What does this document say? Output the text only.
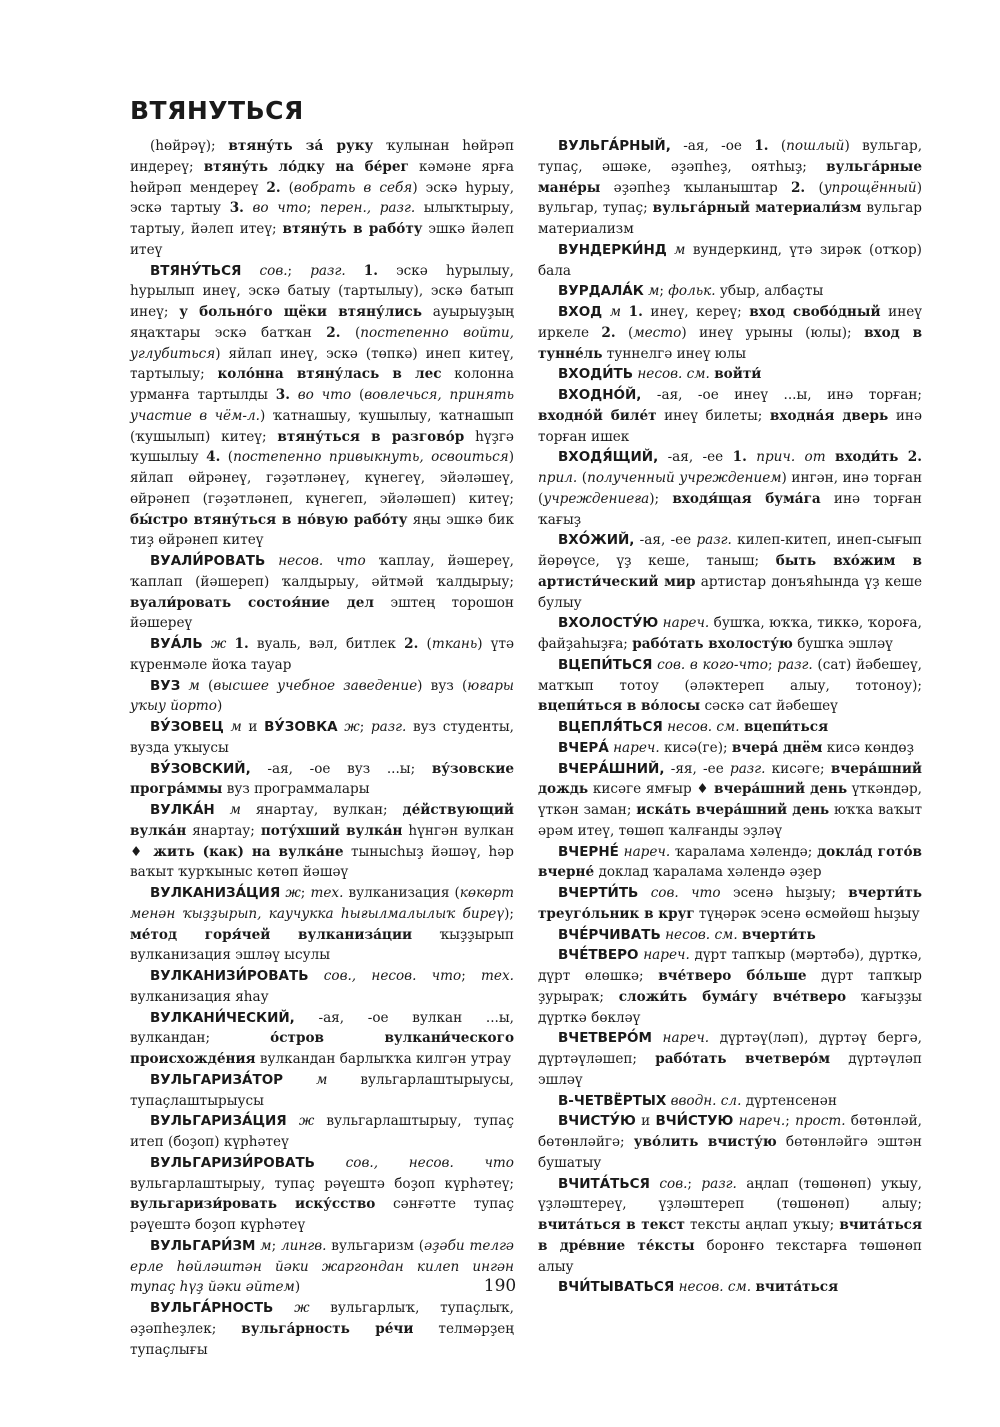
ВТЯНУТЬСЯ

(һөйрәү); втяну́ть за́ руку ҡулынан һөйрәп индереү; втяну́ть ло́дку на бе́рег кәмәне ярға һөйрәп мендереү 2. (вобрать в себя) эскә һурыу, эскә тартыу 3. во что; перен., разг. ылыҡтырыу, тартыу, йәлеп итеү; втяну́ть в рабо́ту эшкә йәлеп итеү

ВТЯНУ́ТЬСЯ сов.; разг. 1. эскә һурылыу, һурылып инеү, эскә батыу (тартылыу), эскә батып инеү; у больно́го щёки втяну́лись ауырыуҙың яңаҡтары эскә батҡан 2. (постепенно войти, углубиться) яйлап инеү, эскә (төпкә) инеп китеү, тартылыу; коло́нна втяну́лась в лес колонна урманға тартылды 3. во что (вовлечься, принять участие в чём-л.) ҡатнашыу, ҡушылыу, ҡатнашып (ҡушылып) китеү; втяну́ться в разгово́р һүҙгә ҡушылыу 4. (постепенно привыкнуть, освоиться) яйлап өйрәнеү, гәҙәтләнеү, күнегеү, эйәләшеү, өйрәнеп (гәҙәтләнеп, күнегеп, эйәләшеп) китеү; бы́стро втяну́ться в но́вую рабо́ту яңы эшкә бик тиҙ өйрәнеп китеү

ВУАЛИ́РОВАТЬ несов. что ҡаплау, йәшереү, ҡаплап (йәшереп) ҡалдырыу, әйтмәй ҡалдырыу; вуали́ровать состоя́ние дел эштең торошон йәшереү

ВУА́ЛЬ ж 1. вуаль, вәл, битлек 2. (ткань) үтә күренмәле йоҡа тауар

ВУЗ м (высшее учебное заведение) вуз (юғары уҡыу йорто)

ВУ́ЗОВЕЦ м и ВУ́ЗОВКА ж; разг. вуз студенты, вузда уҡыусы

ВУ́ЗОВСКИЙ, -ая, -ое вуз ...ы; ву́зовские програ́ммы вуз программалары

ВУЛКА́Н м янартау, вулкан; де́йствующий вулка́н янартау; поту́хший вулка́н һүнгән вулкан ♦ жить (как) на вулка́не тынысһыҙ йәшәү, һәр ваҡыт ҡурҡыныс көтөп йәшәү

ВУЛКАНИЗА́ЦИЯ ж; тех. вулканизация (көкөрт менән ҡыҙҙырып, каучукка һығылмалылыҡ биреү); ме́тод горя́чей вулканиза́ции ҡыҙҙырып вулканизация эшләү ысулы

ВУЛКАНИЗИ́РОВАТЬ сов., несов. что; тех. вулканизация яһау

ВУЛКАНИ́ЧЕСКИЙ, -ая, -ое вулкан ...ы, вулкандан; о́стров вулкани́ческого происхожде́ния вулкандан барлыҡҡа килгән утрау

ВУЛЬГАРИЗА́ТОР м вульгарлаштырыусы, тупаҫлаштырыусы

ВУЛЬГАРИЗА́ЦИЯ ж вульгарлаштырыу, тупаҫ итеп (боҙоп) күрһәтеү

ВУЛЬГАРИЗИ́РОВАТЬ сов., несов. что вульгарлаштырыу, тупаҫ рәүештә боҙоп күрһәтеү; вульгаризи́ровать иску́сство сәнғәтте тупаҫ рәүештә боҙоп күрһәтеү

ВУЛЬГАРИ́ЗМ м; лингв. вульгаризм (әҙәби телгә ерле һөйләштән йәки жаргондан килеп ингән тупаҫ һүҙ йәки әйтем)

ВУЛЬГА́РНОСТЬ ж вульгарлыҡ, тупаҫлыҡ, әҙәпһеҙлек; вульга́рность ре́чи телмәрҙең тупаҫлығы

ВУЛЬГА́РНЫЙ, -ая, -ое 1. (пошлый) вульгар, тупаҫ, әшәке, әҙәпһеҙ, оятһыҙ; вульга́рные мане́ры әҙәпһеҙ ҡыланыштар 2. (упрощённый) вульгар, тупаҫ; вульга́рный материали́зм вульгар материализм

ВУНДЕРКИ́НД м вундеркинд, үтә зирәк (отҡор) бала

ВУРДАЛА́К м; фольк. убыр, албаҫты

ВХОД м 1. инеү, кереү; вход свобо́дный инеү иркеле 2. (место) инеү урыны (юлы); вход в тунне́ль туннелгә инеү юлы

ВХОДИ́ТЬ несов. см. войти́

ВХОДНО́Й, -ая, -ое инеү ...ы, инә торған; входно́й биле́т инеү билеты; входна́я дверь инә торған ишек

ВХОДЯ́ЩИЙ, -ая, -ее 1. прич. от входи́ть 2. прил. (полученный учреждением) ингән, инә торған (учреждениеға); входя́щая бума́га инә торған ҡағыҙ

ВХО́ЖИЙ, -ая, -ее разг. килеп-китеп, инеп-сығып йөрөүсе, үҙ кеше, таныш; быть вхо́жим в артисти́ческий мир артистар донъяһында үҙ кеше булыу

ВХОЛОСТУ́Ю нареч. бушҡа, юҡҡа, тиккә, ҡороға, файҙаһыҙға; рабо́тать вхолосту́ю бушҡа эшләү

ВЦЕПИ́ТЬСЯ сов. в кого-что; разг. (сат) йәбешеү, матҡып тотоу (әләктереп алыу, тотоноу); вцепи́ться в во́лосы сәскә сат йәбешеү

ВЦЕПЛЯ́ТЬСЯ несов. см. вцепи́ться

ВЧЕРА́ нареч. кисә(ге); вчера́ днём кисә көндөҙ

ВЧЕРА́ШНИЙ, -яя, -ее разг. кисәге; вчера́шний дождь кисәге ямғыр ♦ вчера́шний день үткәндәр, үткән заман; иска́ть вчера́шний день юҡҡа ваҡыт әрәм итеү, төшөп ҡалғанды эҙләү

ВЧЕРНЕ́ нареч. ҡаралама хәлендә; докла́д гото́в вчерне́ доклад ҡаралама хәлендә әҙер

ВЧЕРТИ́ТЬ сов. что эсенә һыҙыу; вчерти́ть треуго́льник в круг түңәрәк эсенә өсмөйөш һыҙыу

ВЧЕ́РЧИВАТЬ несов. см. вчерти́ть

ВЧЕ́ТВЕРО нареч. дүрт тапҡыр (мәртәбә), дүрткә, дүрт өлөшкә; вче́тверо бо́льше дүрт тапҡыр ҙурыраҡ; сложи́ть бума́гу вче́тверо ҡағыҙҙы дүрткә бөкләү

ВЧЕТВЕРО́М нареч. дүртәү(ләп), дүртәү бергә, дүртәүләшеп; рабо́тать вчетверо́м дүртәүләп эшләү

В-ЧЕТВЁРТЫХ вводн. сл. дүртенсенән

ВЧИСТУ́Ю и ВЧИ́СТУЮ нареч.; прост. бөтөнләй, бөтөнләйгә; уво́лить вчисту́ю бөтөнләйгә эштән бушатыу

ВЧИТА́ТЬСЯ сов.; разг. аңлап (төшөнөп) уҡыу, үҙләштереү, үҙләштереп (төшөнөп) алыу; вчита́ться в текст тексты аңлап уҡыу; вчита́ться в дре́вние те́ксты боронғо текстарға төшөнөп алыу

ВЧИ́ТЫВАТЬСЯ несов. см. вчита́ться

190
